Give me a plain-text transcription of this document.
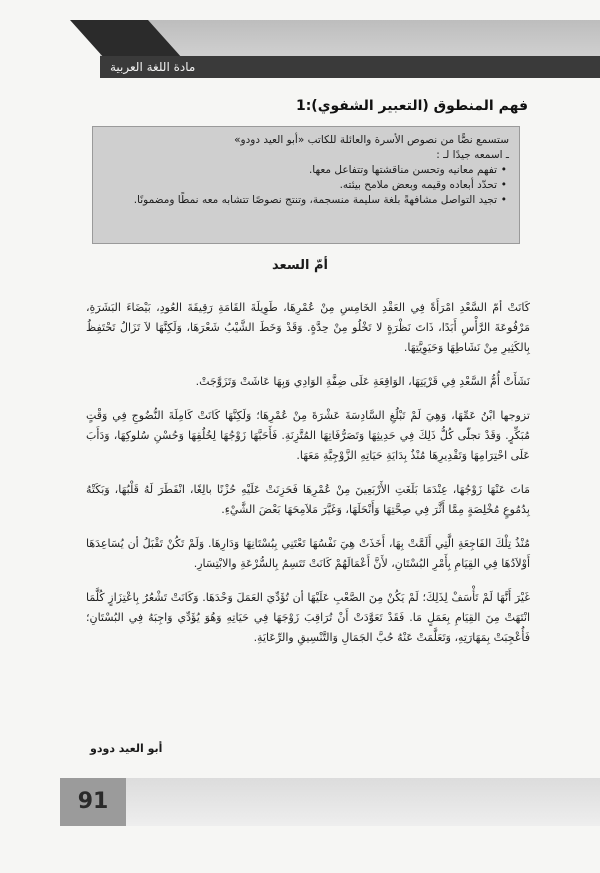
مادة اللغة العربية
فهم المنطوق (التعبير الشفوي):1

ستسمع نصًّا من نصوص الأسرة والعائلة للكاتب «أبو العيد دودو»

ـ اسمعه جيدًا لـ :

• تفهم معانيه وتحسن مناقشتها وتتفاعل معها.
• تحدّد أبعاده وقيمه وبعض ملامح بيئته.
• تجيد التواصل مشافهةً بلغة سليمة منسجمة، وتنتج نصوصًا تتشابه معه نمطًا ومضمونًا.
أمّ السعد

كَانَتْ أمّ السَّعْدِ امْرَأَةً فِي العَقْدِ الخَامِسِ مِنْ عُمْرِهَا، طَوِيلَةَ القَامَةِ رَقِيقَةَ العُودِ، بَيْضَاءَ البَشَرَةِ، مَرْفُوعَةَ الرَّأْسِ أَبَدًا، ذَاتَ نَظْرَةٍ لا تَخْلُو مِنْ حِدَّةٍ. وَقَدْ وَخَطَ الشَّيْبُ شَعْرَهَا، وَلَكِنَّهَا لاَ تَزَالُ تَحْتَفِظُ بِالكَثِيرِ مِنْ نَشَاطِهَا وَحَيَوِيَّتِهَا.

نَشَأَتْ أُمُّ السَّعْدِ فِي قَرْيَتِهَا، الوَاقِعَةِ عَلَى ضِفَّةِ الوَادِي وَبِهَا عَاشَتْ وَتَزَوَّجَتْ.

تزوجها ابْنُ عَمِّهَا، وَهِيَ لَمْ تَبْلُغِ السَّادِسَةَ عَشْرَةَ مِنْ عُمْرِهَا؛ وَلَكِنَّهَا كَانَتْ كَامِلَةَ النُّضُوجِ فِي وَقْتٍ مُبَكِّرٍ. وَقَدْ تجلّى كُلُّ ذَلِكَ فِي حَدِيثِهَا وَتَصَرُّفَاتِهَا المُتَّزِنَةِ. فَأَحَبَّهَا زَوْجُهَا لِخُلُقِهَا وَحُسْنِ سُلوكِهَا، وَدَأَبَ عَلَى احْتِرَامِهَا وَتَقْدِيرِهَا مُنْذُ بِدَايَةِ حَيَاتِهِ الزَّوْجِيَّةِ مَعَهَا.

مَاتَ عَنْهَا زَوْجُهَا، عِنْدَمَا بَلَغَتِ الأَرْبَعِينَ مِنْ عُمْرِهَا فَحَزِنَتْ عَلَيْهِ حُزْنًا بالِغًا، انْفَطَرَ لَهُ قَلْبُهَا، وَبَكَتْهُ بِدُمُوعٍ مُخْلِصَةٍ مِمَّا أَثَّرَ فِي صِحَّتِهَا وَأَنْحَلَهَا، وَغَيَّرَ مَلاَمِحَهَا بَعْضَ الشَّيْءِ.

مُنْذُ تِلْكَ الفَاجِعَةِ الَّتِي أَلَمَّتْ بِهَا، أَخَذَتْ هِيَ نَفْسُهَا تَعْتَنِي بِبُسْتَانِهَا وَدَارِهَا. وَلَمْ تَكُنْ تَقْبَلُ أن يُسَاعِدَهَا أَوْلاَدُهَا فِي القِيَامِ بِأَمْرِ البُسْتَانِ، لأَنَّ أَعْمَالَهُمْ كَانَتْ تَتَسِمُ بِالسُّرْعَةِ والابْتِسَارِ.

غَيْرَ أَنَّهَا لَمْ تَأْسَفْ لِذَلِكَ؛ لَمْ يَكُنْ مِنَ الصَّعْبِ عَلَيْهَا أن تُؤَدِّيَ العَمَلَ وَحْدَهَا. وَكَانَتْ تَشْعُرُ بِاعْتِزَازٍ كُلَّمَا انْتَهَتْ مِنَ القِيَامِ بِعَمَلٍ مَا. فَقَدْ تَعَوَّدَتْ أَنْ تُرَاقِبَ زَوْجَهَا فِي حَيَاتِهِ وَهُوَ يُؤَدِّي وَاجِبَهُ فِي البُسْتَانِ؛ فَأُعْجِبَتْ بِمَهَارَتِهِ، وَتَعَلَّمَتْ عَنْهُ حُبَّ الجَمَالِ وَالتَّنْسِيقِ والرِّعَايَةِ.

أبو العيد دودو
91
